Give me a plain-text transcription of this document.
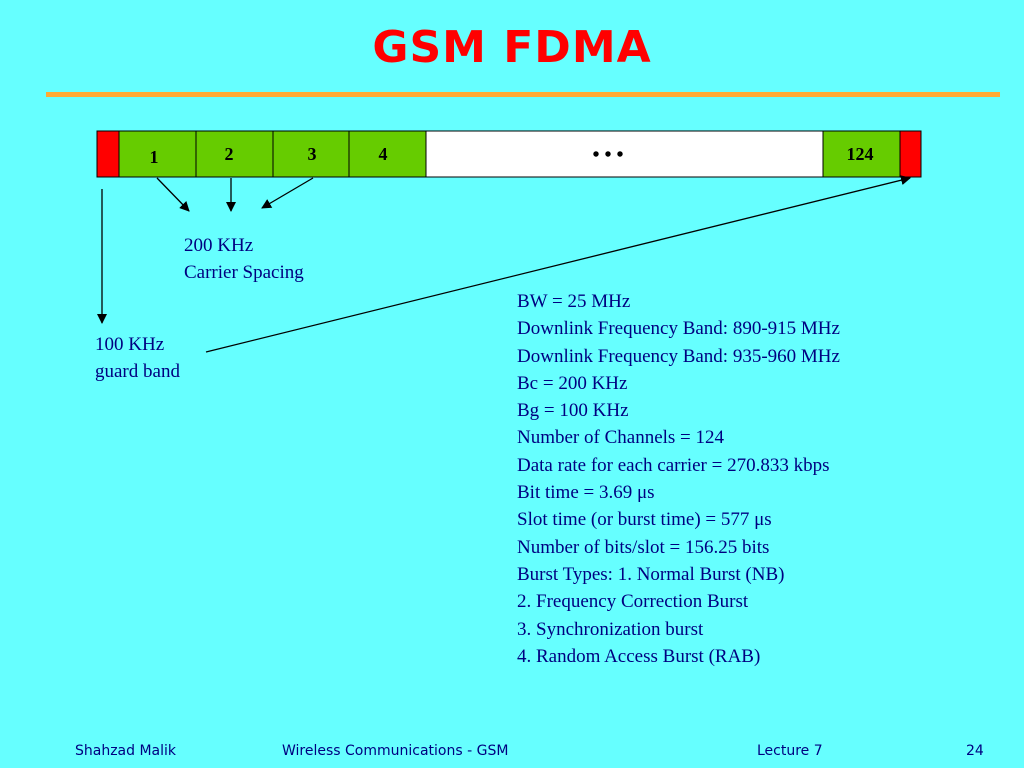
GSM FDMA
1	2	3	4	• • •	124
200 KHz
Carrier Spacing
100 KHz
guard band
BW = 25 MHz
Downlink Frequency Band: 890-915 MHz
Downlink Frequency Band: 935-960 MHz
Bc = 200 KHz
Bg = 100 KHz
Number of Channels = 124
Data rate for each carrier = 270.833 kbps
Bit time = 3.69 μs
Slot time (or burst time) = 577 μs
Number of bits/slot = 156.25 bits
Burst Types: 1. Normal Burst (NB)
2. Frequency Correction Burst
3. Synchronization burst
4. Random Access Burst (RAB)
Shahzad Malik	Wireless Communications - GSM	Lecture 7	24
